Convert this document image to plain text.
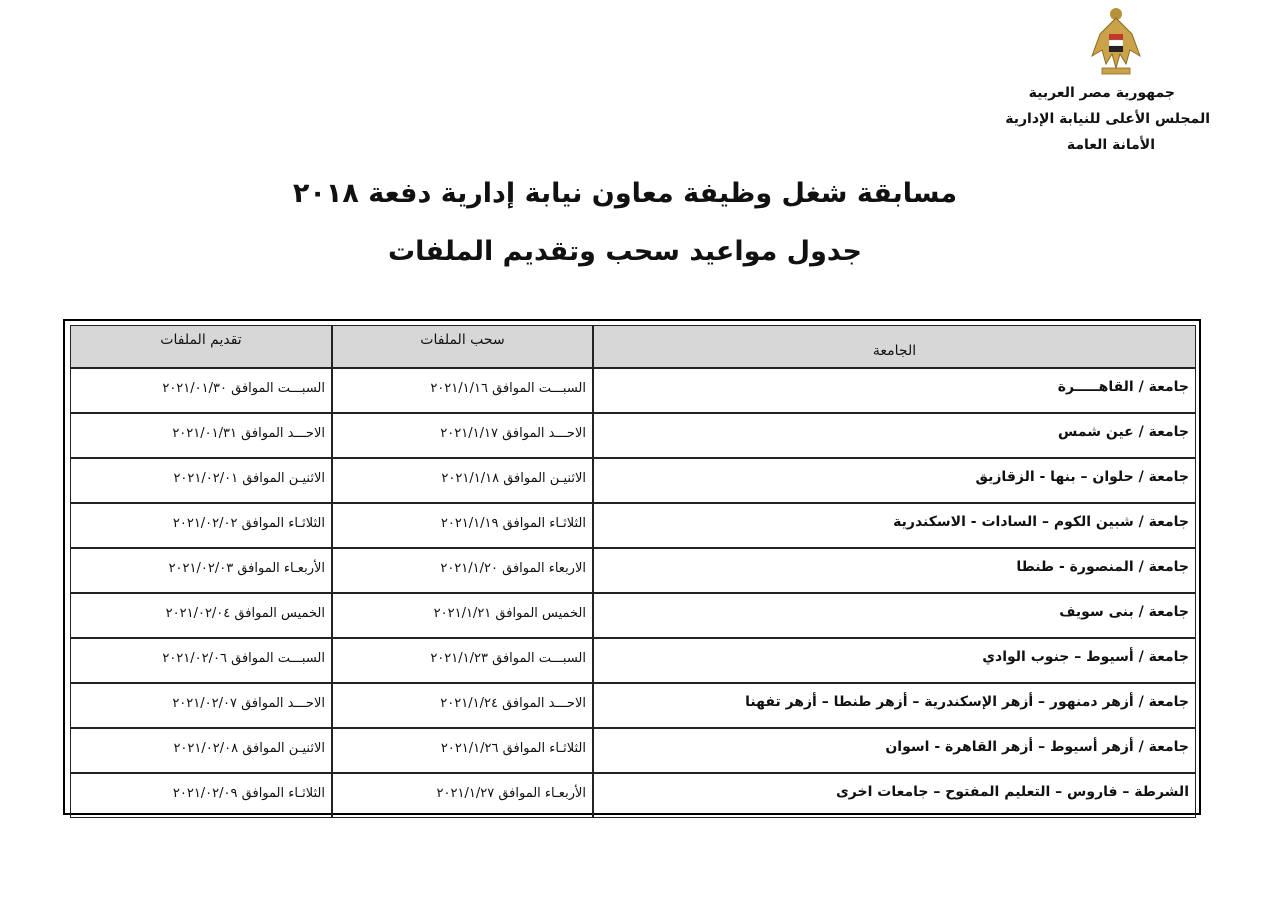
جمهورية مصر العربية
المجلس الأعلى للنيابة الإدارية
الأمانة العامة
مسابقة شغل وظيفة معاون نيابة إدارية دفعة ٢٠١٨
جدول مواعيد سحب وتقديم الملفات
الجامعة	سحب الملفات	تقديم الملفات
جامعة / القاهـــــرة	السبـــت الموافق ٢٠٢١/١/١٦	السبـــت الموافق ٢٠٢١/٠١/٣٠
جامعة / عين شمس	الاحـــد الموافق ٢٠٢١/١/١٧	الاحـــد الموافق ٢٠٢١/٠١/٣١
جامعة / حلوان – بنها - الزقازيق	الاثنيـن الموافق ٢٠٢١/١/١٨	الاثنيـن الموافق ٢٠٢١/٠٢/٠١
جامعة / شبين الكوم – السادات - الاسكندرية	الثلاثـاء الموافق ٢٠٢١/١/١٩	الثلاثـاء الموافق ٢٠٢١/٠٢/٠٢
جامعة / المنصورة - طنطا	الاربعاء الموافق ٢٠٢١/١/٢٠	الأربعـاء الموافق ٢٠٢١/٠٢/٠٣
جامعة / بنى سويف	الخميس الموافق ٢٠٢١/١/٢١	الخميس الموافق ٢٠٢١/٠٢/٠٤
جامعة / أسيوط – جنوب الوادي	السبـــت الموافق ٢٠٢١/١/٢٣	السبـــت الموافق ٢٠٢١/٠٢/٠٦
جامعة / أزهر دمنهور – أزهر الإسكندرية – أزهر طنطا – أزهر تفهنا	الاحـــد الموافق ٢٠٢١/١/٢٤	الاحـــد الموافق ٢٠٢١/٠٢/٠٧
جامعة / أزهر أسيوط – أزهر القاهرة - اسوان	الثلاثـاء الموافق ٢٠٢١/١/٢٦	الاثنيـن الموافق ٢٠٢١/٠٢/٠٨
الشرطة – فاروس – التعليم المفتوح – جامعات اخرى	الأربعـاء الموافق ٢٠٢١/١/٢٧	الثلاثـاء الموافق ٢٠٢١/٠٢/٠٩
